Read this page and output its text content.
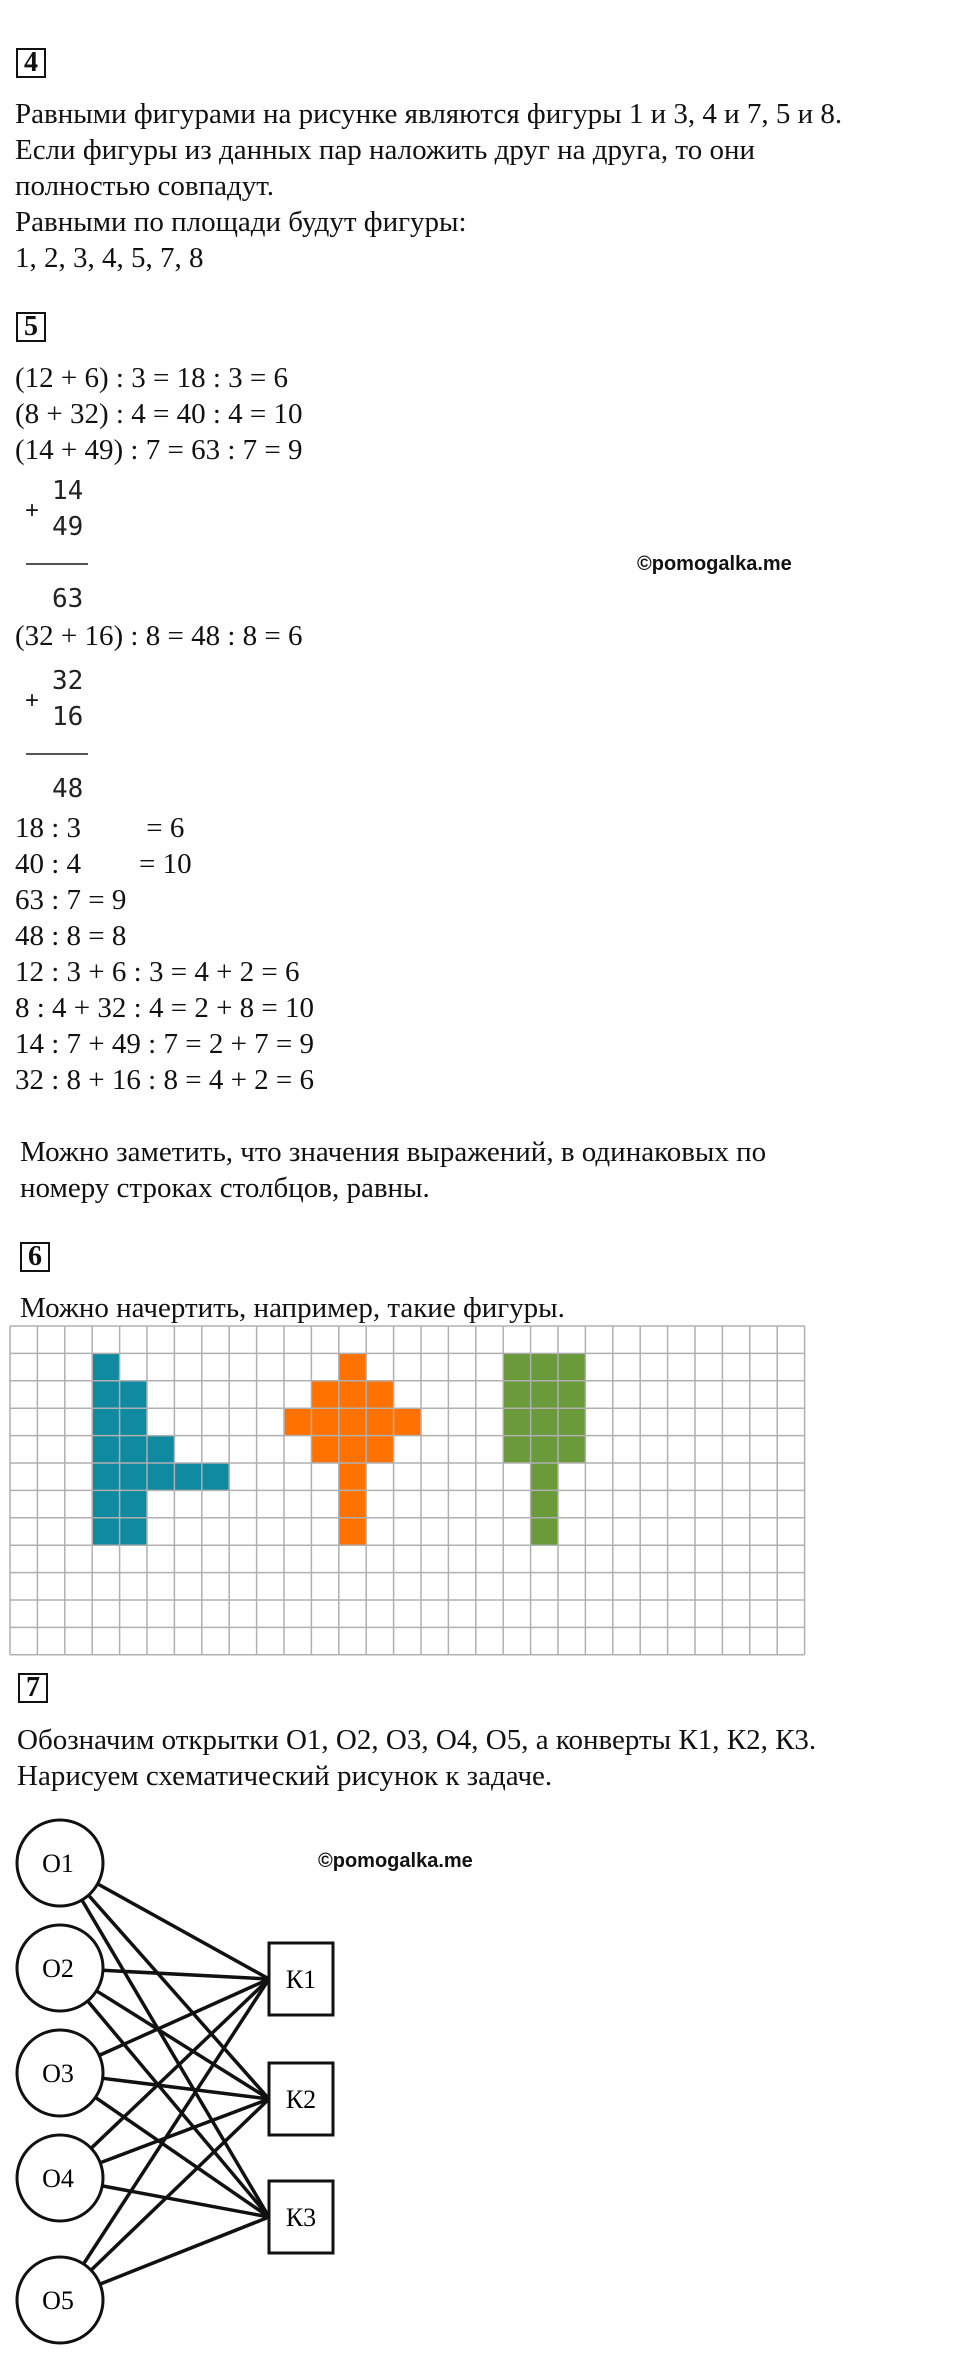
4
Равными фигурами на рисунке являются фигуры 1 и 3, 4 и 7, 5 и 8.
Если фигуры из данных пар наложить друг на друга, то они
полностью совпадут.
Равными по площади будут фигуры:
1, 2, 3, 4, 5, 7, 8
5
(12 + 6) : 3 = 18 : 3 = 6
(8 + 32) : 4 = 40 : 4 = 10
(14 + 49) : 7 = 63 : 7 = 9
+
14
49
63
©pomogalka.me
(32 + 16) : 8 = 48 : 8 = 6
+
32
16
48
18 : 3         = 6
40 : 4        = 10
63 : 7 = 9
48 : 8 = 8
12 : 3 + 6 : 3 = 4 + 2 = 6
8 : 4 + 32 : 4 = 2 + 8 = 10
14 : 7 + 49 : 7 = 2 + 7 = 9
32 : 8 + 16 : 8 = 4 + 2 = 6
Можно заметить, что значения выражений, в одинаковых по
номеру строках столбцов, равны.
6
Можно начертить, например, такие фигуры.
7
Обозначим открытки О1, О2, О3, О4, О5, а конверты К1, К2, К3.
Нарисуем схематический рисунок к задаче.
©pomogalka.me
О1
О2
О3
О4
О5
К1
К2
К3
